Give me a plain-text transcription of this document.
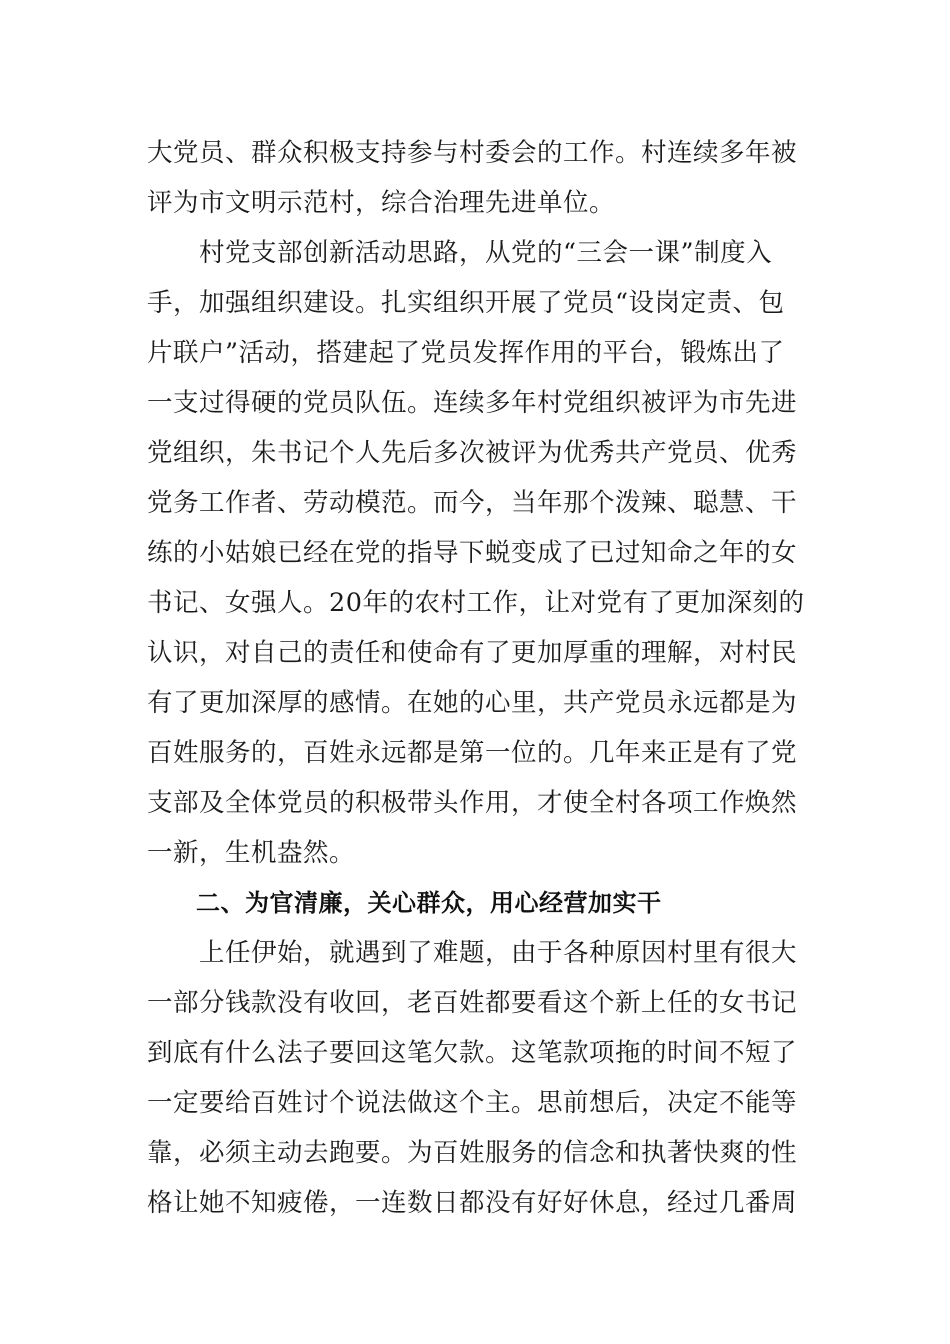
大党员、群众积极支持参与村委会的工作。村连续多年被
评为市文明示范村，综合治理先进单位。
　　村党支部创新活动思路，从党的“三会一课”制度入
手，加强组织建设。扎实组织开展了党员“设岗定责、包
片联户”活动，搭建起了党员发挥作用的平台，锻炼出了
一支过得硬的党员队伍。连续多年村党组织被评为市先进
党组织，朱书记个人先后多次被评为优秀共产党员、优秀
党务工作者、劳动模范。而今，当年那个泼辣、聪慧、干
练的小姑娘已经在党的指导下蜕变成了已过知命之年的女
书记、女强人。20年的农村工作，让对党有了更加深刻的
认识，对自己的责任和使命有了更加厚重的理解，对村民
有了更加深厚的感情。在她的心里，共产党员永远都是为
百姓服务的，百姓永远都是第一位的。几年来正是有了党
支部及全体党员的积极带头作用，才使全村各项工作焕然
一新，生机盎然。
　　二、为官清廉，关心群众，用心经营加实干
　　上任伊始，就遇到了难题，由于各种原因村里有很大
一部分钱款没有收回，老百姓都要看这个新上任的女书记
到底有什么法子要回这笔欠款。这笔款项拖的时间不短了
一定要给百姓讨个说法做这个主。思前想后，决定不能等
靠，必须主动去跑要。为百姓服务的信念和执著快爽的性
格让她不知疲倦，一连数日都没有好好休息，经过几番周
